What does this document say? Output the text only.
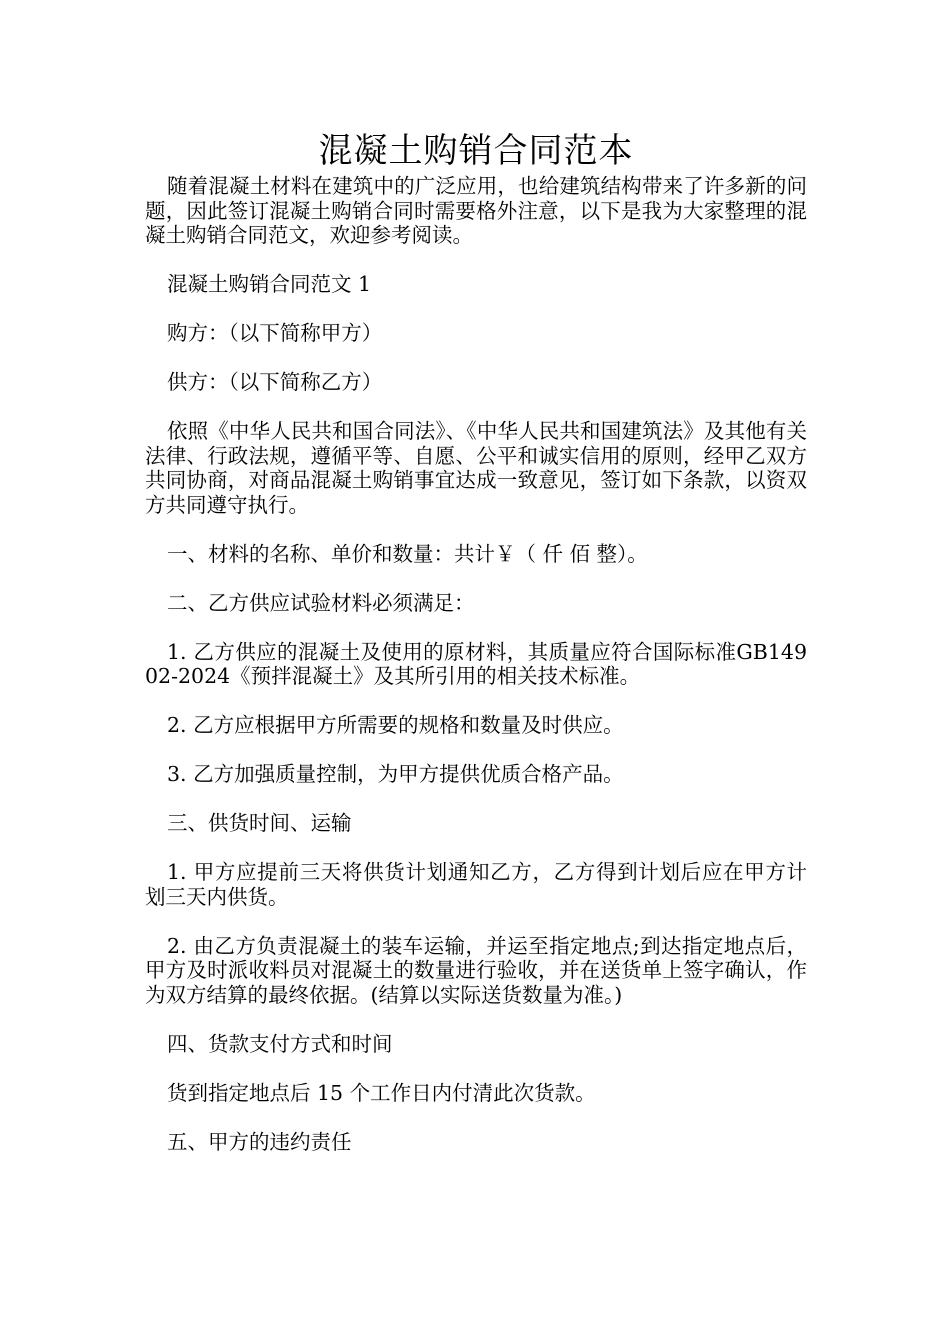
混凝土购销合同范本

随着混凝土材料在建筑中的广泛应用，也给建筑结构带来了许多新的问题，因此签订混凝土购销合同时需要格外注意，以下是我为大家整理的混凝土购销合同范文，欢迎参考阅读。

混凝土购销合同范文 1

购方：（以下简称甲方）

供方：（以下简称乙方）

依照《中华人民共和国合同法》、《中华人民共和国建筑法》及其他有关法律、行政法规，遵循平等、自愿、公平和诚实信用的原则，经甲乙双方共同协商，对商品混凝土购销事宜达成一致意见，签订如下条款，以资双方共同遵守执行。

一、材料的名称、单价和数量：共计￥（ 仟 佰 整）。

二、乙方供应试验材料必须满足：

1. 乙方供应的混凝土及使用的原材料，其质量应符合国际标准GB14902-2024《预拌混凝土》及其所引用的相关技术标准。

2. 乙方应根据甲方所需要的规格和数量及时供应。

3. 乙方加强质量控制，为甲方提供优质合格产品。

三、供货时间、运输

1. 甲方应提前三天将供货计划通知乙方，乙方得到计划后应在甲方计划三天内供货。

2. 由乙方负责混凝土的装车运输，并运至指定地点;到达指定地点后，甲方及时派收料员对混凝土的数量进行验收，并在送货单上签字确认，作为双方结算的最终依据。(结算以实际送货数量为准。)

四、货款支付方式和时间

货到指定地点后 15 个工作日内付清此次货款。

五、甲方的违约责任
